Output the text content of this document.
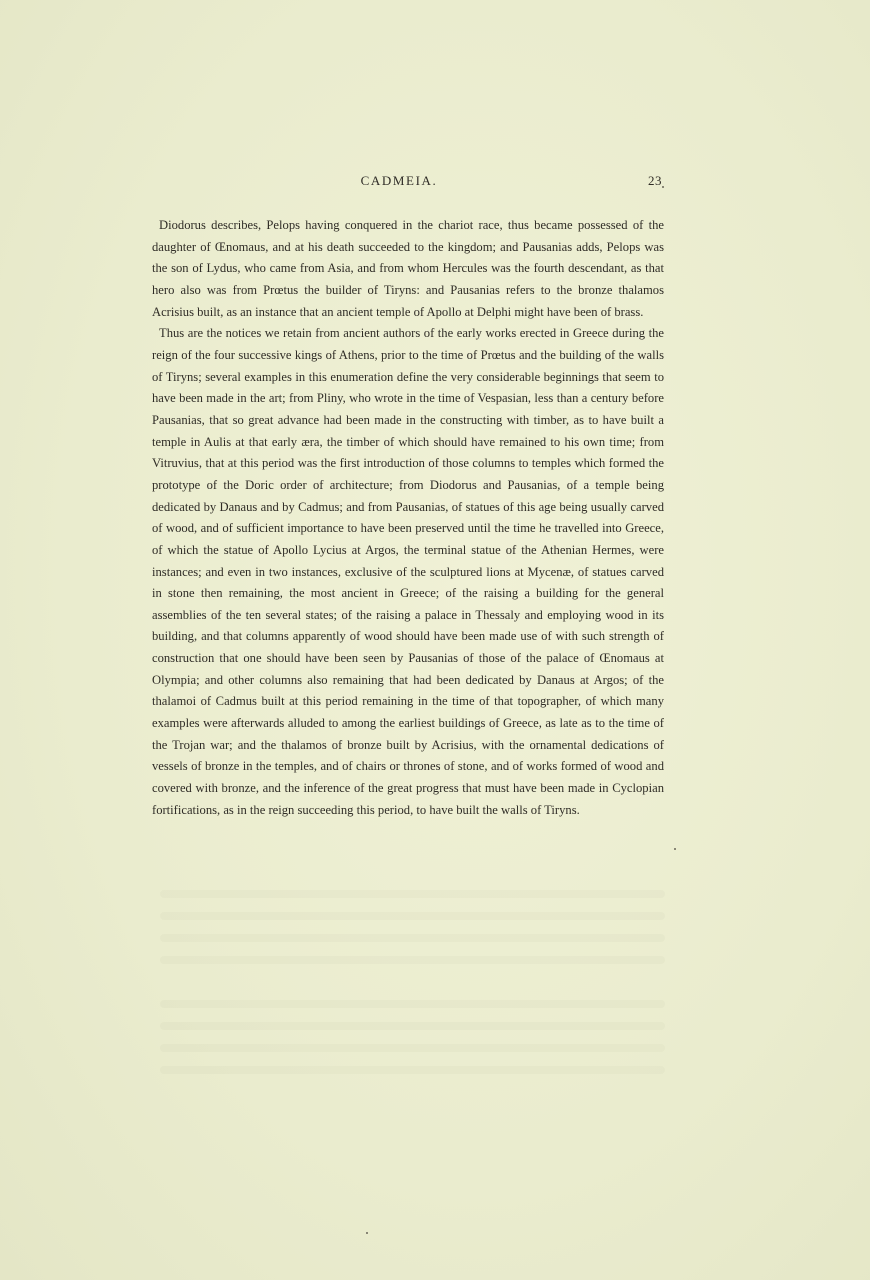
CADMEIA.	23

Diodorus describes, Pelops having conquered in the chariot race, thus became possessed of the daughter of Œnomaus, and at his death succeeded to the kingdom; and Pausanias adds, Pelops was the son of Lydus, who came from Asia, and from whom Hercules was the fourth descendant, as that hero also was from Prœtus the builder of Tiryns: and Pausanias refers to the bronze thalamos Acrisius built, as an instance that an ancient temple of Apollo at Delphi might have been of brass.

Thus are the notices we retain from ancient authors of the early works erected in Greece during the reign of the four successive kings of Athens, prior to the time of Prœtus and the building of the walls of Tiryns; several examples in this enumeration define the very considerable beginnings that seem to have been made in the art; from Pliny, who wrote in the time of Vespasian, less than a century before Pausanias, that so great advance had been made in the constructing with timber, as to have built a temple in Aulis at that early æra, the timber of which should have remained to his own time; from Vitruvius, that at this period was the first introduction of those columns to temples which formed the prototype of the Doric order of architecture; from Diodorus and Pausanias, of a temple being dedicated by Danaus and by Cadmus; and from Pausanias, of statues of this age being usually carved of wood, and of sufficient importance to have been preserved until the time he travelled into Greece, of which the statue of Apollo Lycius at Argos, the terminal statue of the Athenian Hermes, were instances; and even in two instances, exclusive of the sculptured lions at Mycenæ, of statues carved in stone then remaining, the most ancient in Greece; of the raising a building for the general assemblies of the ten several states; of the raising a palace in Thessaly and employing wood in its building, and that columns apparently of wood should have been made use of with such strength of construction that one should have been seen by Pausanias of those of the palace of Œnomaus at Olympia; and other columns also remaining that had been dedicated by Danaus at Argos; of the thalamoi of Cadmus built at this period remaining in the time of that topographer, of which many examples were afterwards alluded to among the earliest buildings of Greece, as late as to the time of the Trojan war; and the thalamos of bronze built by Acrisius, with the ornamental dedications of vessels of bronze in the temples, and of chairs or thrones of stone, and of works formed of wood and covered with bronze, and the inference of the great progress that must have been made in Cyclopian fortifications, as in the reign succeeding this period, to have built the walls of Tiryns.
